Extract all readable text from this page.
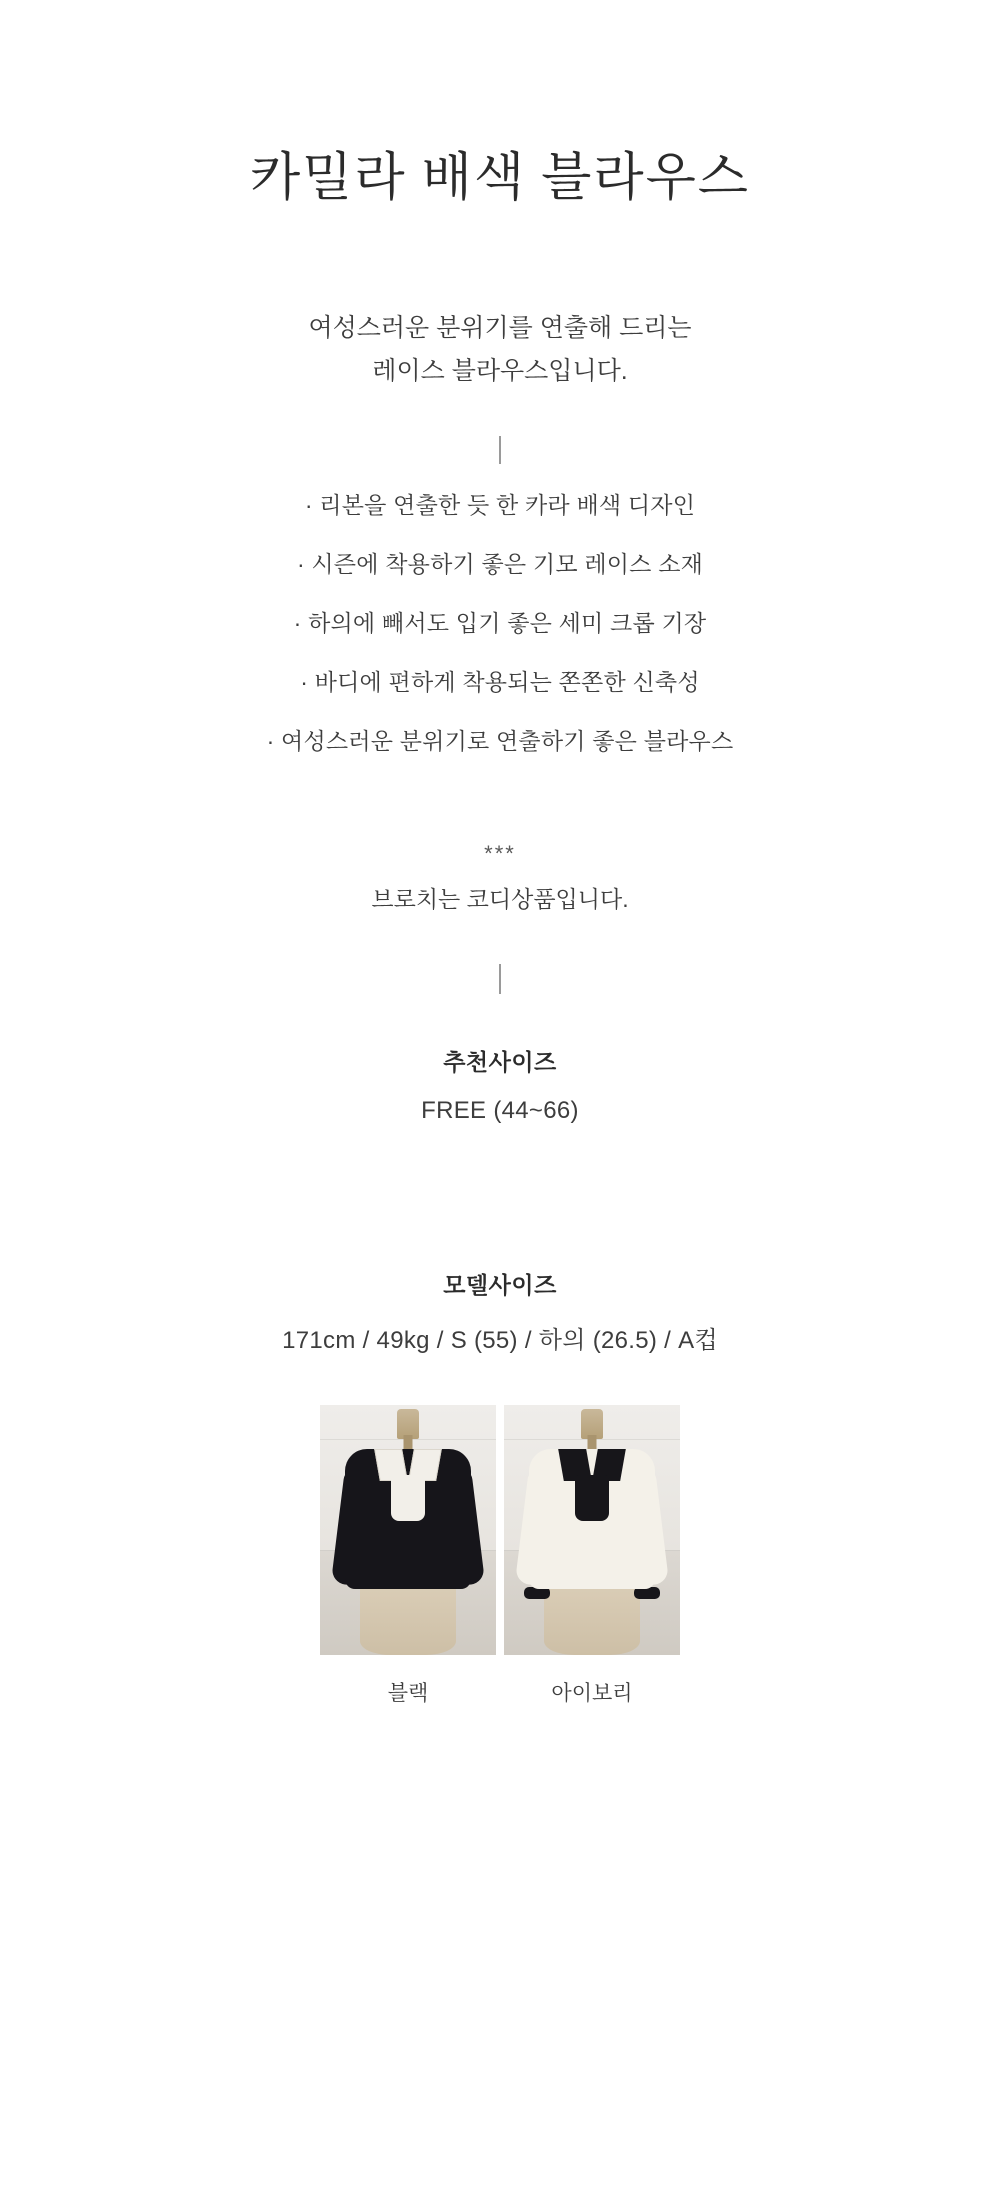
카밀라 배색 블라우스
여성스러운 분위기를 연출해 드리는
레이스 블라우스입니다.
· 리본을 연출한 듯 한 카라 배색 디자인
· 시즌에 착용하기 좋은 기모 레이스 소재
· 하의에 빼서도 입기 좋은 세미 크롭 기장
· 바디에 편하게 착용되는 쫀쫀한 신축성
· 여성스러운 분위기로 연출하기 좋은 블라우스
***
브로치는 코디상품입니다.
추천사이즈
FREE (44~66)
모델사이즈
171cm / 49kg / S (55) / 하의 (26.5) / A컵
블랙	아이보리
